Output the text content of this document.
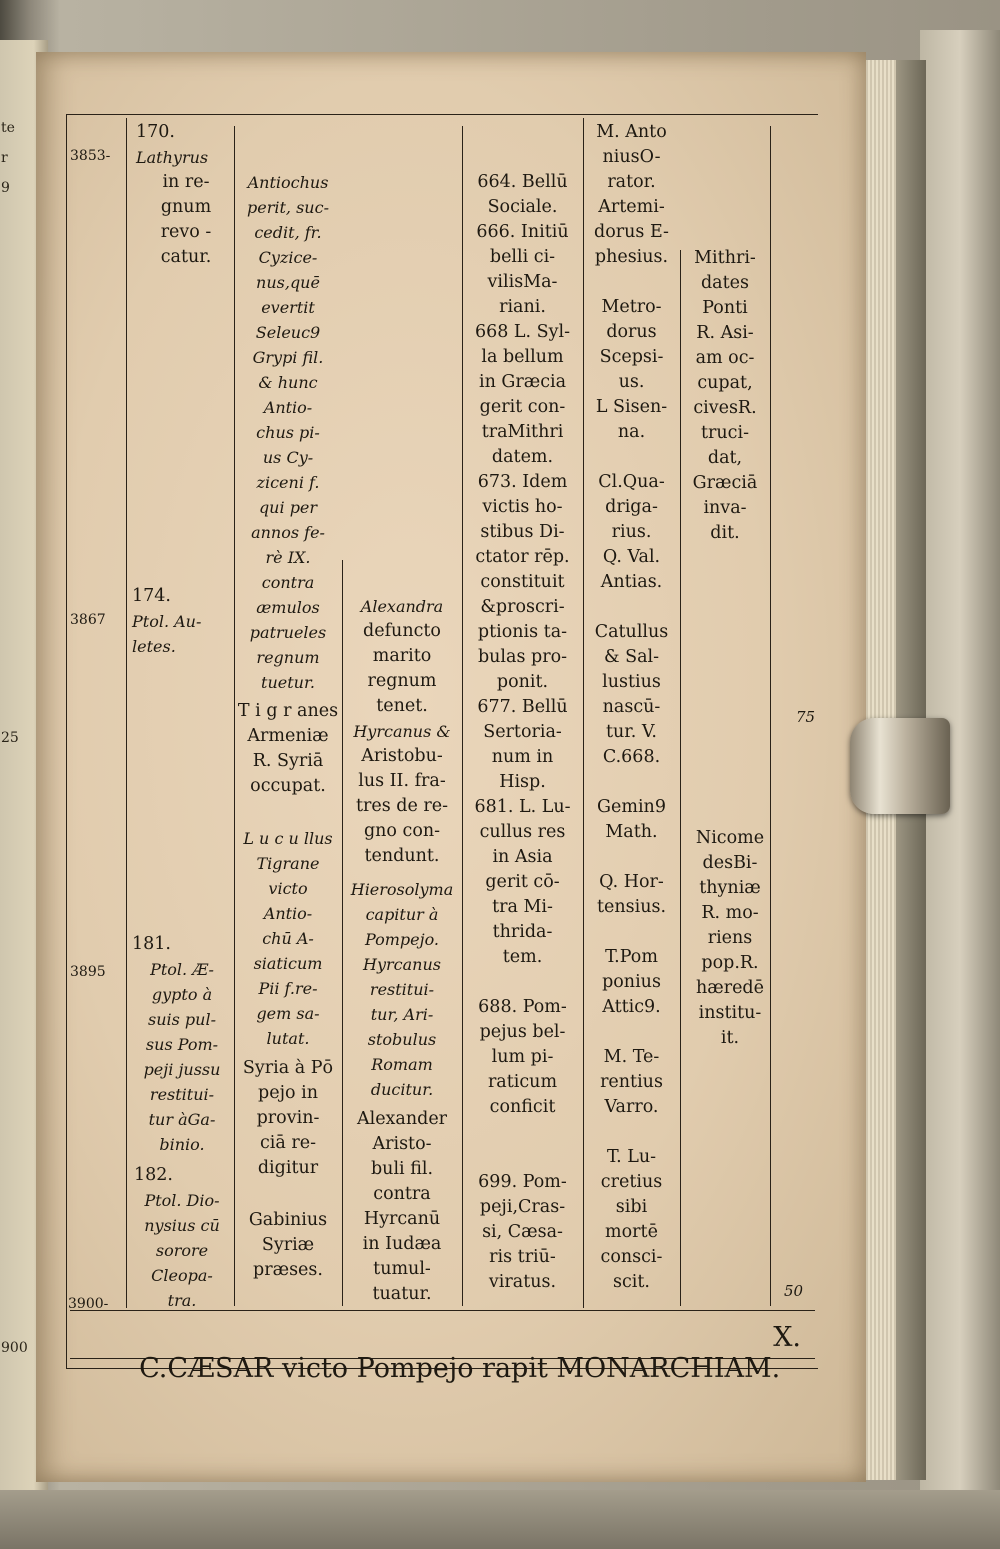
te
r
9
25
900
3853-
3867
3895
3900-
170.
Lathyrus
in re-
gnum
revo -
catur.
174.
Ptol. Au-
letes.
181.
Ptol. Æ-
gypto à
suis pul-
sus Pom-
peji jussu
restitui-
tur àGa-
binio.
182.
Ptol. Dio-
nysius cū
sorore
Cleopa-
tra.
Antiochus
perit, suc-
cedit, fr.
Cyzice-
nus,quē
evertit
Seleuc9
Grypi fil.
& hunc
Antio-
chus pi-
us Cy-
ziceni f.
qui per
annos fe-
rè IX.
contra
æmulos
patrueles
regnum
tuetur.
T i g r anes
Armeniæ
R. Syriā
occupat.
L u c u llus
Tigrane
victo
Antio-
chū A-
siaticum
Pii f.re-
gem sa-
lutat.
Syria à Pō
pejo in
provin-
ciā re-
digitur
Gabinius
Syriæ
præses.
Alexandra
defuncto
marito
regnum
tenet.
Hyrcanus &
Aristobu-
lus II. fra-
tres de re-
gno con-
tendunt.
Hierosolyma
capitur à
Pompejo.
Hyrcanus
restitui-
tur, Ari-
stobulus
Romam
ducitur.
Alexander
Aristo-
buli fil.
contra
Hyrcanū
in Iudæa
tumul-
tuatur.
664. Bellū
Sociale.
666. Initiū
belli ci-
vilisMa-
riani.
668 L. Syl-
la bellum
in Græcia
gerit con-
traMithri
datem.
673. Idem
victis ho-
stibus Di-
ctator rēp.
constituit
&proscri-
ptionis ta-
bulas pro-
ponit.
677. Bellū
Sertoria-
num in
Hisp.
681. L. Lu-
cullus res
in Asia
gerit cō-
tra Mi-
thrida-
tem.

688. Pom-
pejus bel-
lum pi-
raticum
conficit

699. Pom-
peji,Cras-
si, Cæsa-
ris triū-
viratus.
M. Anto
niusO-
rator.
Artemi-
dorus E-
phesius.

Metro-
dorus
Scepsi-
us.
L Sisen-
na.

Cl.Qua-
driga-
rius.
Q. Val.
Antias.

Catullus
& Sal-
lustius
nascū-
tur. V.
C.668.

Gemin9
Math.

Q. Hor-
tensius.

T.Pom
ponius
Attic9.

M. Te-
rentius
Varro.

T. Lu-
cretius
sibi
mortē
consci-
scit.
Mithri-
dates
Ponti
R. Asi-
am oc-
cupat,
civesR.
truci-
dat,
Græciā
inva-
dit.
Nicome
desBi-
thyniæ
R. mo-
riens
pop.R.
hæredē
institu-
it.
75
50

C.CÆSAR victo Pompejo rapit MONARCHIAM.

X.
